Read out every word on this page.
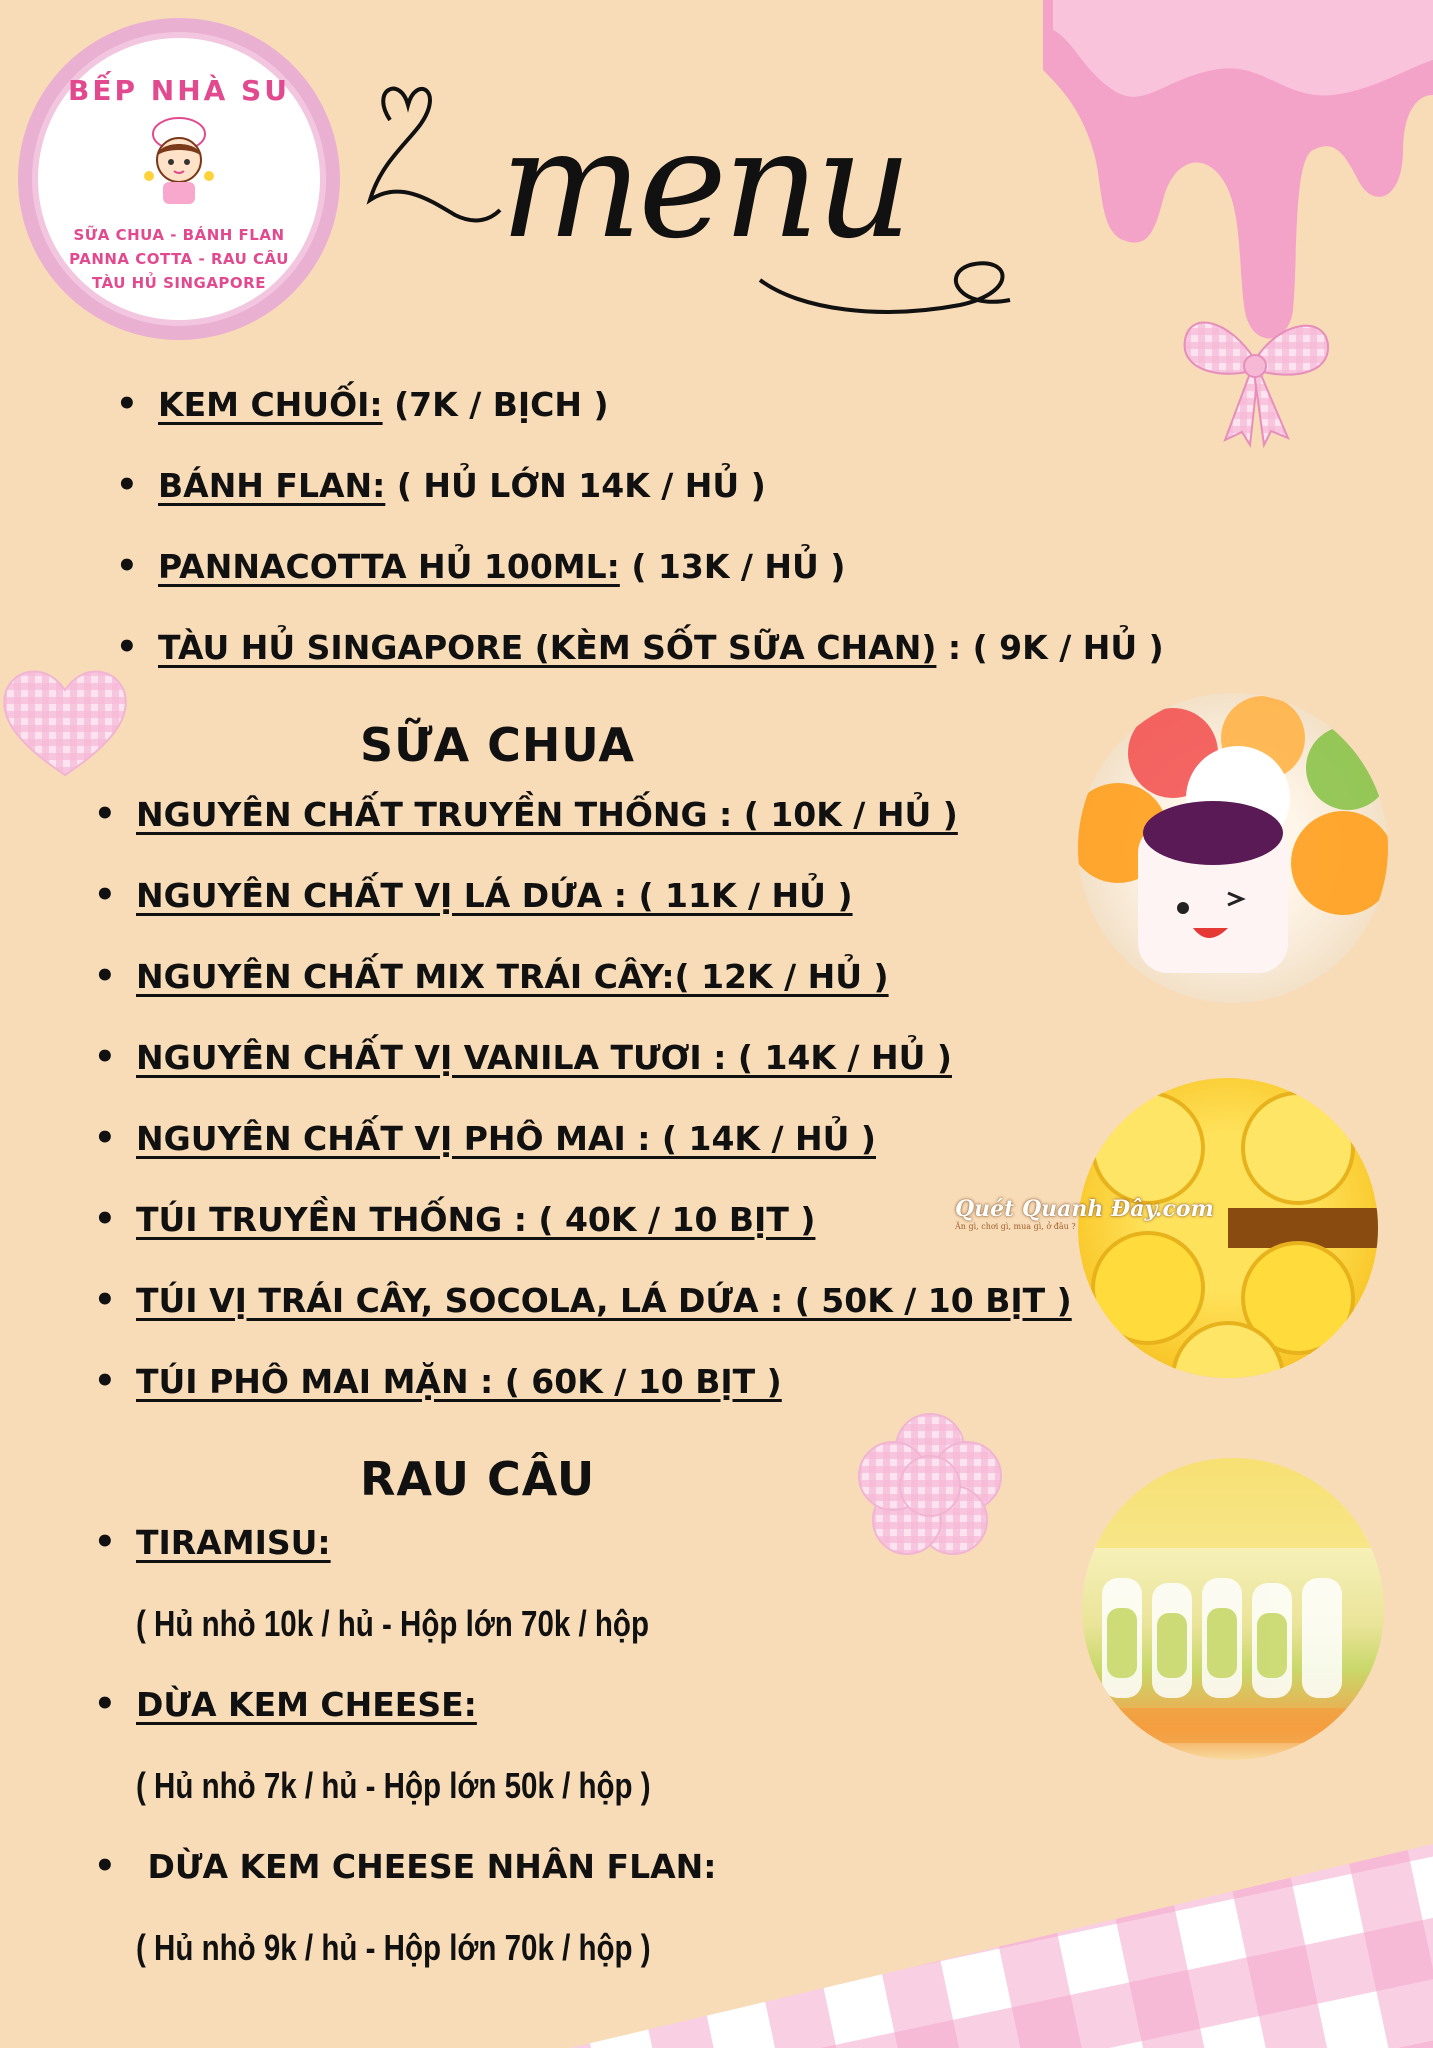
BẾP NHÀ SU
SỮA CHUA - BÁNH FLAN
PANNA COTTA - RAU CÂU
TÀU HỦ SINGAPORE
menu
• KEM CHUỐI: (7K / BỊCH )
• BÁNH FLAN: ( HỦ LỚN 14K / HỦ )
• PANNACOTTA HỦ 100ML: ( 13K / HỦ )
• TÀU HỦ SINGAPORE (KÈM SỐT SỮA CHAN) : ( 9K / HỦ )
SỮA CHUA
• NGUYÊN CHẤT TRUYỀN THỐNG : ( 10K / HỦ )
• NGUYÊN CHẤT VỊ LÁ DỨA : ( 11K / HỦ )
• NGUYÊN CHẤT MIX TRÁI CÂY:( 12K / HỦ )
• NGUYÊN CHẤT VỊ VANILA TƯƠI : ( 14K / HỦ )
• NGUYÊN CHẤT VỊ PHÔ MAI : ( 14K / HỦ )
• TÚI TRUYỀN THỐNG : ( 40K / 10 BỊT )
• TÚI VỊ TRÁI CÂY, SOCOLA, LÁ DỨA : ( 50K / 10 BỊT )
• TÚI PHÔ MAI MẶN : ( 60K / 10 BỊT )
RAU CÂU
• TIRAMISU:
( Hủ nhỏ 10k / hủ - Hộp lớn 70k / hộp
• DỪA KEM CHEESE:
( Hủ nhỏ 7k / hủ - Hộp lớn 50k / hộp )
•  DỪA KEM CHEESE NHÂN FLAN:
( Hủ nhỏ 9k / hủ - Hộp lớn 70k / hộp )
Quét Quanh Đây.com
Ăn gì, chơi gì, mua gì, ở đâu ?
